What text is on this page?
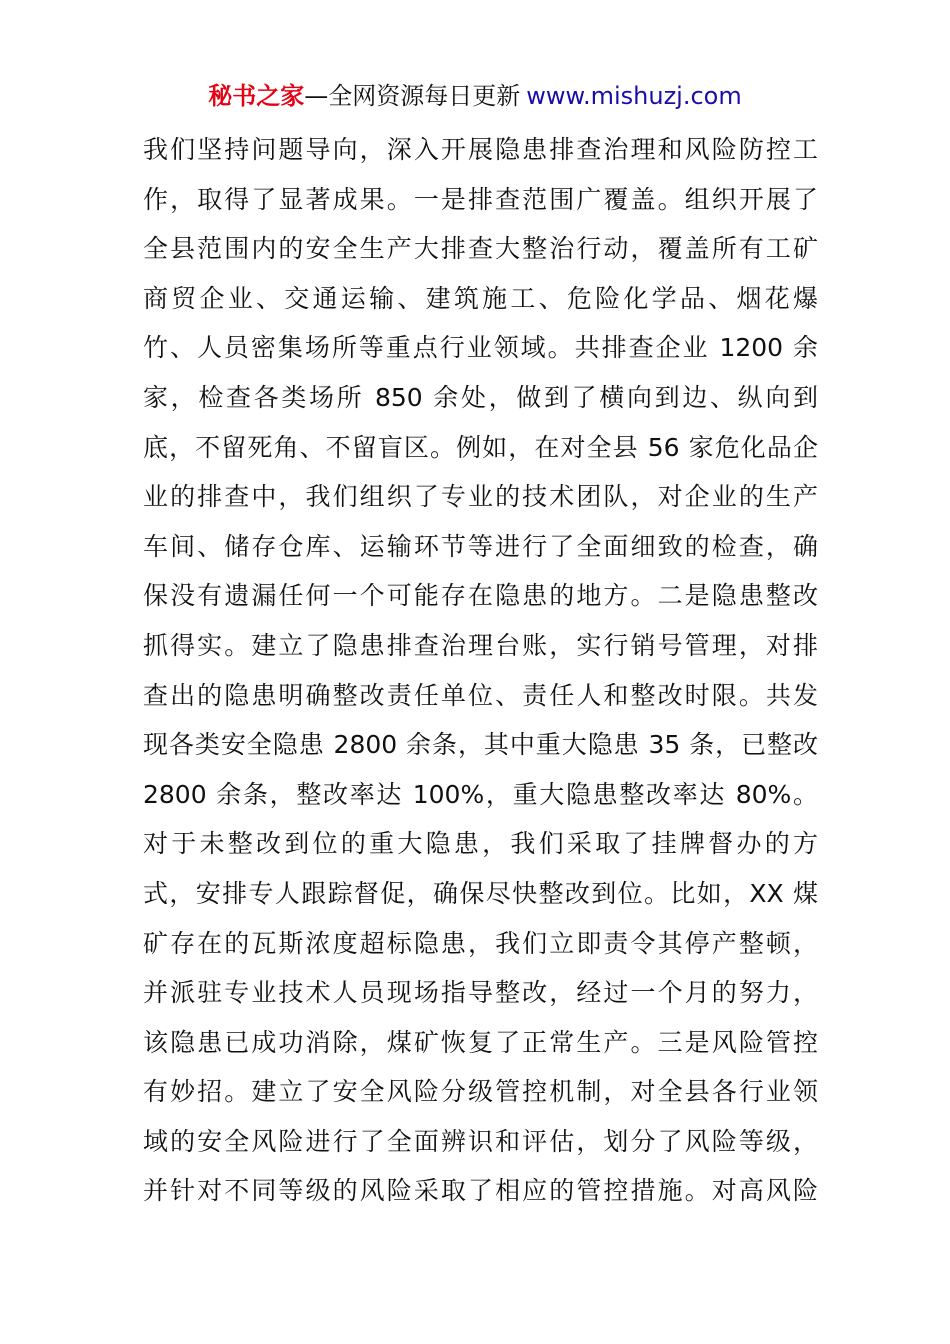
秘书之家—全网资源每日更新 www.mishuzj.com
我们坚持问题导向，深入开展隐患排查治理和风险防控工
作，取得了显著成果。一是排查范围广覆盖。组织开展了
全县范围内的安全生产大排查大整治行动，覆盖所有工矿
商贸企业、交通运输、建筑施工、危险化学品、烟花爆
竹、人员密集场所等重点行业领域。共排查企业 1200 余
家，检查各类场所 850 余处，做到了横向到边、纵向到
底，不留死角、不留盲区。例如，在对全县 56 家危化品企
业的排查中，我们组织了专业的技术团队，对企业的生产
车间、储存仓库、运输环节等进行了全面细致的检查，确
保没有遗漏任何一个可能存在隐患的地方。二是隐患整改
抓得实。建立了隐患排查治理台账，实行销号管理，对排
查出的隐患明确整改责任单位、责任人和整改时限。共发
现各类安全隐患 2800 余条，其中重大隐患 35 条，已整改
2800 余条，整改率达 100%，重大隐患整改率达 80%。
对于未整改到位的重大隐患，我们采取了挂牌督办的方
式，安排专人跟踪督促，确保尽快整改到位。比如，XX 煤
矿存在的瓦斯浓度超标隐患，我们立即责令其停产整顿，
并派驻专业技术人员现场指导整改，经过一个月的努力，
该隐患已成功消除，煤矿恢复了正常生产。三是风险管控
有妙招。建立了安全风险分级管控机制，对全县各行业领
域的安全风险进行了全面辨识和评估，划分了风险等级，
并针对不同等级的风险采取了相应的管控措施。对高风险
